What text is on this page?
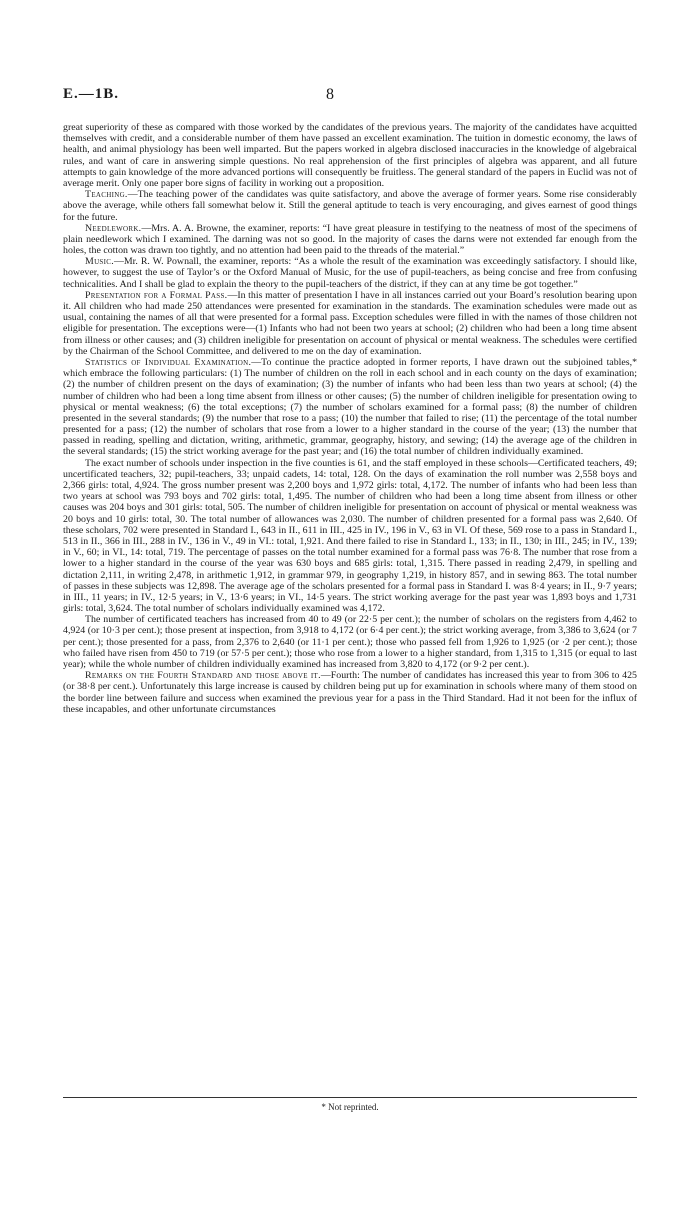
E.—1B.	8

great superiority of these as compared with those worked by the candidates of the previous years. The majority of the candidates have acquitted themselves with credit, and a considerable number of them have passed an excellent examination. The tuition in domestic economy, the laws of health, and animal physiology has been well imparted. But the papers worked in algebra disclosed inaccuracies in the knowledge of algebraical rules, and want of care in answering simple questions. No real apprehension of the first principles of algebra was apparent, and all future attempts to gain knowledge of the more advanced portions will consequently be fruitless. The general standard of the papers in Euclid was not of average merit. Only one paper bore signs of facility in working out a proposition.

Teaching.—The teaching power of the candidates was quite satisfactory, and above the average of former years. Some rise considerably above the average, while others fall somewhat below it. Still the general aptitude to teach is very encouraging, and gives earnest of good things for the future.

Needlework.—Mrs. A. A. Browne, the examiner, reports: “I have great pleasure in testifying to the neatness of most of the specimens of plain needlework which I examined. The darning was not so good. In the majority of cases the darns were not extended far enough from the holes, the cotton was drawn too tightly, and no attention had been paid to the threads of the material.”

Music.—Mr. R. W. Pownall, the examiner, reports: “As a whole the result of the examination was exceedingly satisfactory. I should like, however, to suggest the use of Taylor’s or the Oxford Manual of Music, for the use of pupil-teachers, as being concise and free from confusing technicalities. And I shall be glad to explain the theory to the pupil-teachers of the district, if they can at any time be got together.”

Presentation for a Formal Pass.—In this matter of presentation I have in all instances carried out your Board’s resolution bearing upon it. All children who had made 250 attendances were presented for examination in the standards. The examination schedules were made out as usual, containing the names of all that were presented for a formal pass. Exception schedules were filled in with the names of those children not eligible for presentation. The exceptions were—(1) Infants who had not been two years at school; (2) children who had been a long time absent from illness or other causes; and (3) children ineligible for presentation on account of physical or mental weakness. The schedules were certified by the Chairman of the School Committee, and delivered to me on the day of examination.

Statistics of Individual Examination.—To continue the practice adopted in former reports, I have drawn out the subjoined tables,* which embrace the following particulars: (1) The number of children on the roll in each school and in each county on the days of examination; (2) the number of children present on the days of examination; (3) the number of infants who had been less than two years at school; (4) the number of children who had been a long time absent from illness or other causes; (5) the number of children ineligible for presentation owing to physical or mental weakness; (6) the total exceptions; (7) the number of scholars examined for a formal pass; (8) the number of children presented in the several standards; (9) the number that rose to a pass; (10) the number that failed to rise; (11) the percentage of the total number presented for a pass; (12) the number of scholars that rose from a lower to a higher standard in the course of the year; (13) the number that passed in reading, spelling and dictation, writing, arithmetic, grammar, geography, history, and sewing; (14) the average age of the children in the several standards; (15) the strict working average for the past year; and (16) the total number of children individually examined.

The exact number of schools under inspection in the five counties is 61, and the staff employed in these schools—Certificated teachers, 49; uncertificated teachers, 32; pupil-teachers, 33; unpaid cadets, 14: total, 128. On the days of examination the roll number was 2,558 boys and 2,366 girls: total, 4,924. The gross number present was 2,200 boys and 1,972 girls: total, 4,172. The number of infants who had been less than two years at school was 793 boys and 702 girls: total, 1,495. The number of children who had been a long time absent from illness or other causes was 204 boys and 301 girls: total, 505. The number of children ineligible for presentation on account of physical or mental weakness was 20 boys and 10 girls: total, 30. The total number of allowances was 2,030. The number of children presented for a formal pass was 2,640. Of these scholars, 702 were presented in Standard I., 643 in II., 611 in III., 425 in IV., 196 in V., 63 in VI. Of these, 569 rose to a pass in Standard I., 513 in II., 366 in III., 288 in IV., 136 in V., 49 in VI.: total, 1,921. And there failed to rise in Standard I., 133; in II., 130; in III., 245; in IV., 139; in V., 60; in VI., 14: total, 719. The percentage of passes on the total number examined for a formal pass was 76·8. The number that rose from a lower to a higher standard in the course of the year was 630 boys and 685 girls: total, 1,315. There passed in reading 2,479, in spelling and dictation 2,111, in writing 2,478, in arithmetic 1,912, in grammar 979, in geography 1,219, in history 857, and in sewing 863. The total number of passes in these subjects was 12,898. The average age of the scholars presented for a formal pass in Standard I. was 8·4 years; in II., 9·7 years; in III., 11 years; in IV., 12·5 years; in V., 13·6 years; in VI., 14·5 years. The strict working average for the past year was 1,893 boys and 1,731 girls: total, 3,624. The total number of scholars individually examined was 4,172.

The number of certificated teachers has increased from 40 to 49 (or 22·5 per cent.); the number of scholars on the registers from 4,462 to 4,924 (or 10·3 per cent.); those present at inspection, from 3,918 to 4,172 (or 6·4 per cent.); the strict working average, from 3,386 to 3,624 (or 7 per cent.); those presented for a pass, from 2,376 to 2,640 (or 11·1 per cent.); those who passed fell from 1,926 to 1,925 (or ·2 per cent.); those who failed have risen from 450 to 719 (or 57·5 per cent.); those who rose from a lower to a higher standard, from 1,315 to 1,315 (or equal to last year); while the whole number of children individually examined has increased from 3,820 to 4,172 (or 9·2 per cent.).

Remarks on the Fourth Standard and those above it.—Fourth: The number of candidates has increased this year to from 306 to 425 (or 38·8 per cent.). Unfortunately this large increase is caused by children being put up for examination in schools where many of them stood on the border line between failure and success when examined the previous year for a pass in the Third Standard. Had it not been for the influx of these incapables, and other unfortunate circumstances

* Not reprinted.
